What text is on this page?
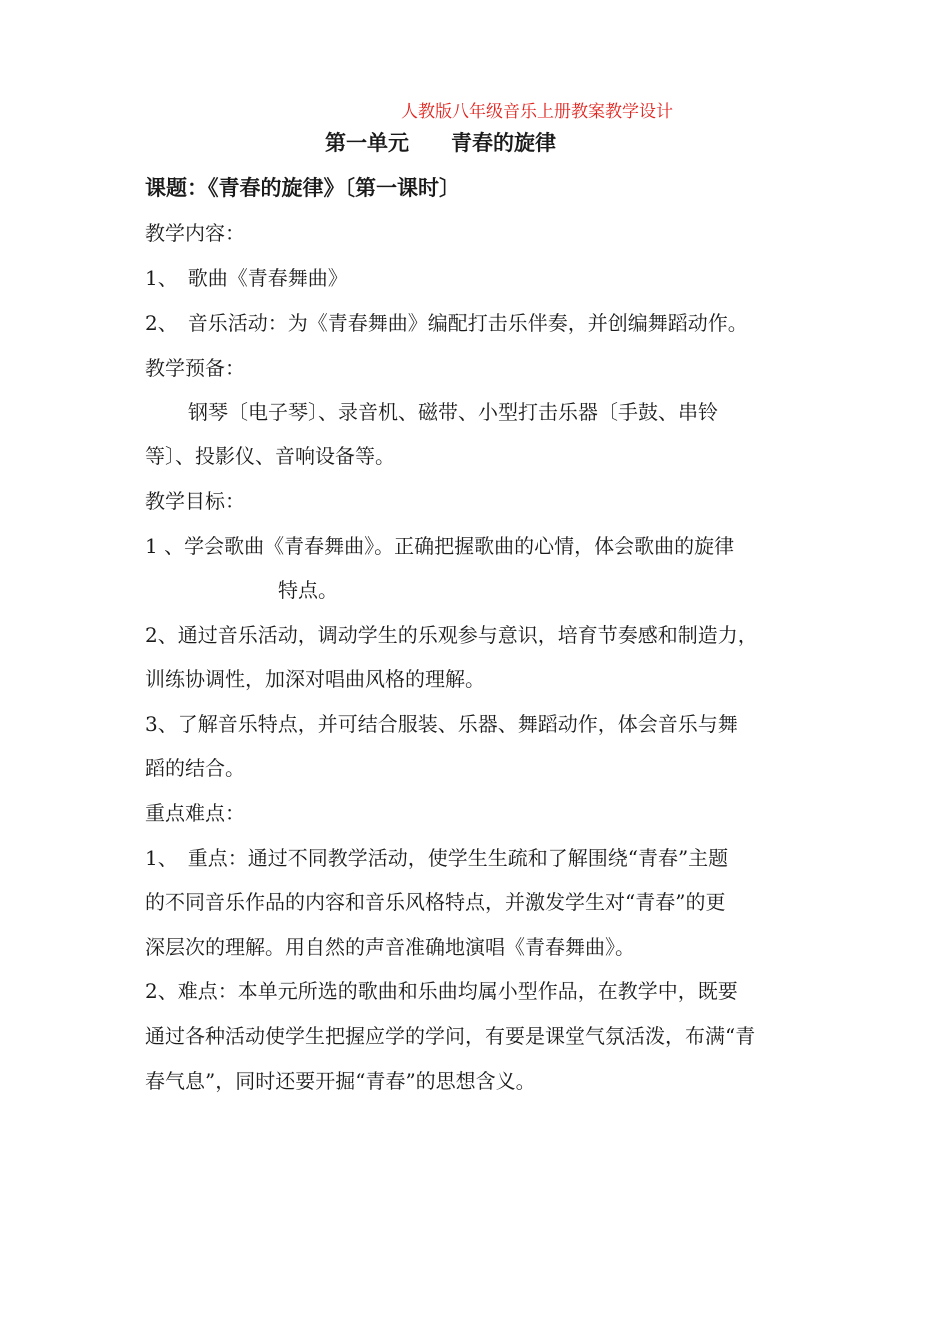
人教版八年级音乐上册教案教学设计
第一单元　　青春的旋律
课题：《青春的旋律》〔第一课时〕
教学内容：
1、　歌曲《青春舞曲》
2、　音乐活动：为《青春舞曲》编配打击乐伴奏，并创编舞蹈动作。
教学预备：
钢琴〔电子琴〕、录音机、磁带、小型打击乐器〔手鼓、串铃
等〕、投影仪、音响设备等。
教学目标：
1 、学会歌曲《青春舞曲》。正确把握歌曲的心情，体会歌曲的旋律
特点。
2、通过音乐活动，调动学生的乐观参与意识，培育节奏感和制造力，
训练协调性，加深对唱曲风格的理解。
3、了解音乐特点，并可结合服装、乐器、舞蹈动作，体会音乐与舞
蹈的结合。
重点难点：
1、　重点：通过不同教学活动，使学生生疏和了解围绕“青春”主题
的不同音乐作品的内容和音乐风格特点，并激发学生对“青春”的更
深层次的理解。用自然的声音准确地演唱《青春舞曲》。
2、难点：本单元所选的歌曲和乐曲均属小型作品，在教学中，既要
通过各种活动使学生把握应学的学问，有要是课堂气氛活泼，布满“青
春气息”，同时还要开掘“青春”的思想含义。
